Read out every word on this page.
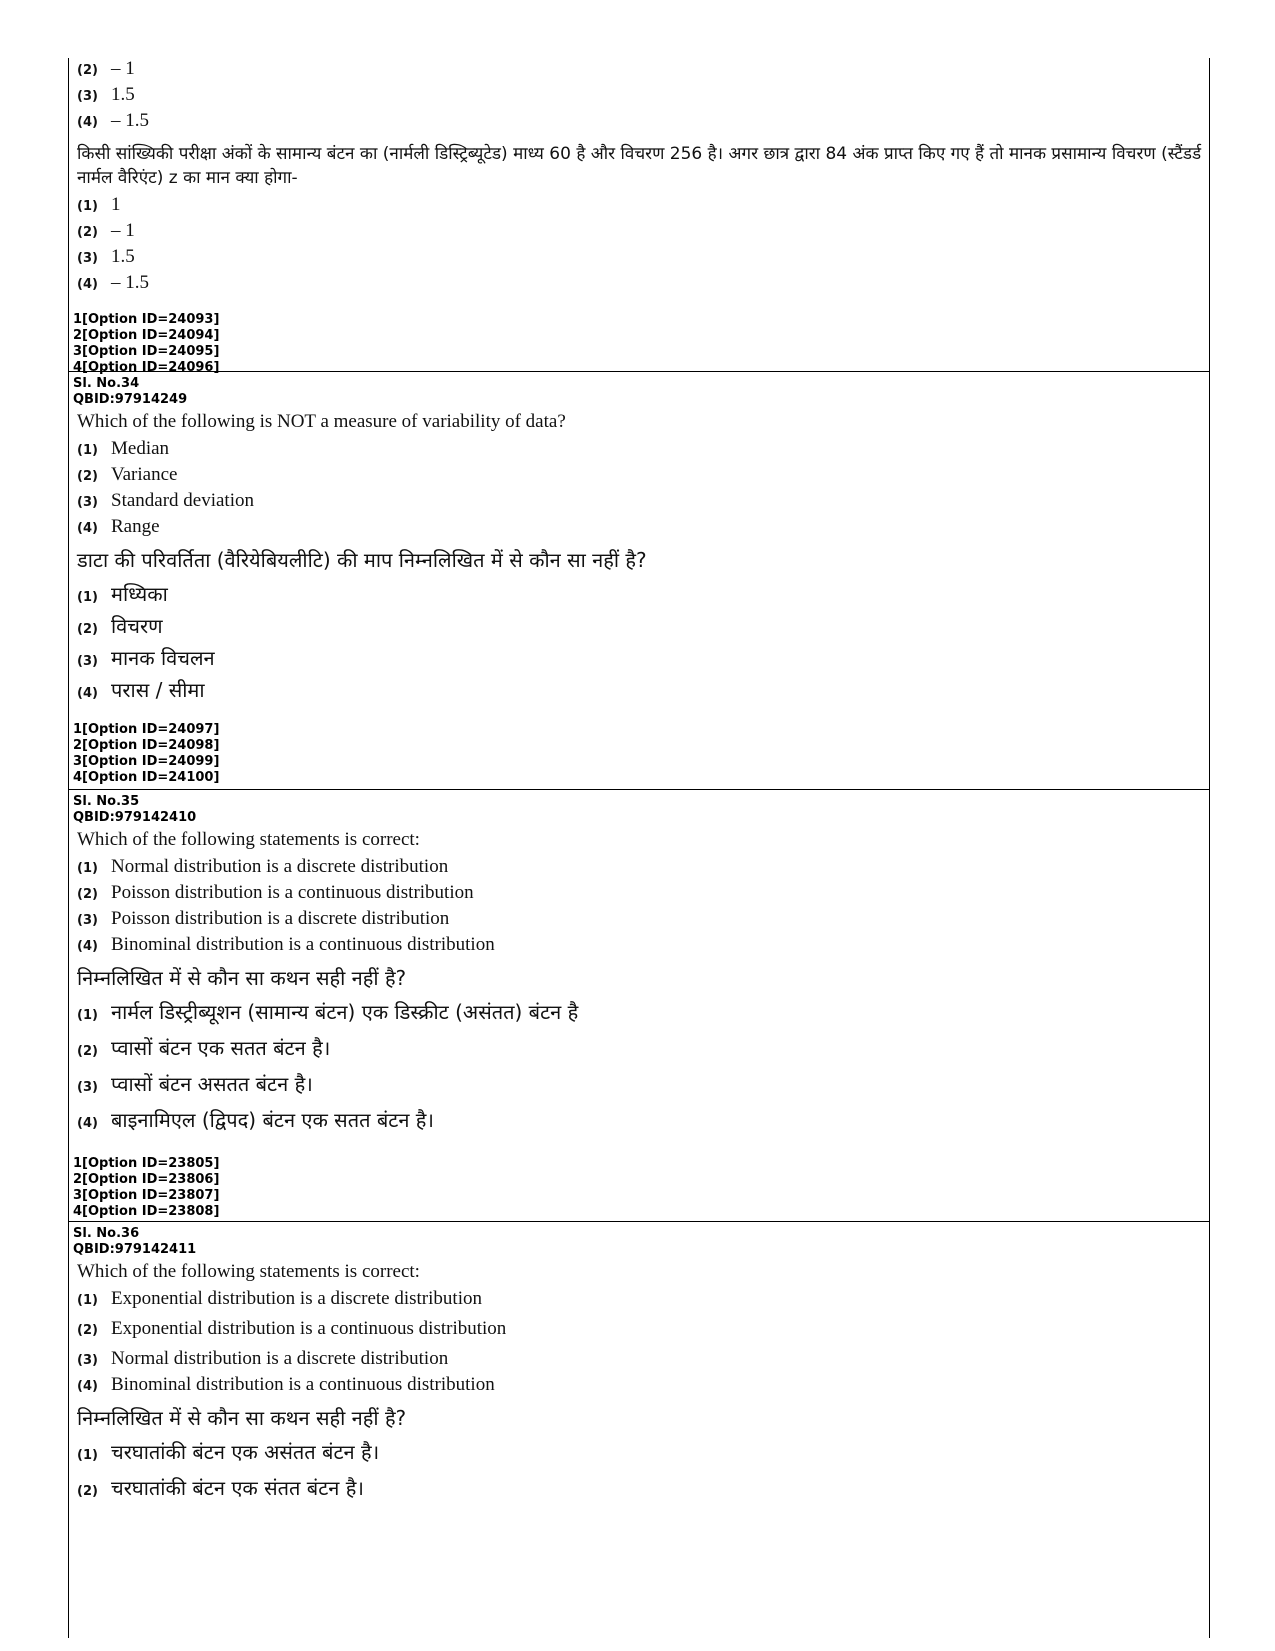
(2) – 1
(3) 1.5
(4) – 1.5
किसी सांख्यिकी परीक्षा अंकों के सामान्य बंटन का (नार्मली डिस्ट्रिब्यूटेड) माध्य 60 है और विचरण 256 है। अगर छात्र द्वारा 84 अंक प्राप्त किए गए हैं तो मानक प्रसामान्य विचरण (स्टैंडर्ड नार्मल वैरिएंट) z का मान क्या होगा-
(1) 1
(2) – 1
(3) 1.5
(4) – 1.5
1[Option ID=24093]
2[Option ID=24094]
3[Option ID=24095]
4[Option ID=24096]
Sl. No.34
QBID:97914249
Which of the following is NOT a measure of variability of data?
(1) Median
(2) Variance
(3) Standard deviation
(4) Range
डाटा की परिवर्तिता (वैरियेबियलीटि) की माप निम्नलिखित में से कौन सा नहीं है?
(1) मध्यिका
(2) विचरण
(3) मानक विचलन
(4) परास / सीमा
1[Option ID=24097]
2[Option ID=24098]
3[Option ID=24099]
4[Option ID=24100]
Sl. No.35
QBID:979142410
Which of the following statements is correct:
(1) Normal distribution is a discrete distribution
(2) Poisson distribution is a continuous distribution
(3) Poisson distribution is a discrete distribution
(4) Binominal distribution is a continuous distribution
निम्नलिखित में से कौन सा कथन सही नहीं है?
(1) नार्मल डिस्ट्रीब्यूशन (सामान्य बंटन) एक डिस्क्रीट (असंतत) बंटन है
(2) प्वासों बंटन एक सतत बंटन है।
(3) प्वासों बंटन असतत बंटन है।
(4) बाइनामिएल (द्विपद) बंटन एक सतत बंटन है।
1[Option ID=23805]
2[Option ID=23806]
3[Option ID=23807]
4[Option ID=23808]
Sl. No.36
QBID:979142411
Which of the following statements is correct:
(1) Exponential distribution is a discrete distribution
(2) Exponential distribution is a continuous distribution
(3) Normal distribution is a discrete distribution
(4) Binominal distribution is a continuous distribution
निम्नलिखित में से कौन सा कथन सही नहीं है?
(1) चरघातांकी बंटन एक असंतत बंटन है।
(2) चरघातांकी बंटन एक संतत बंटन है।
